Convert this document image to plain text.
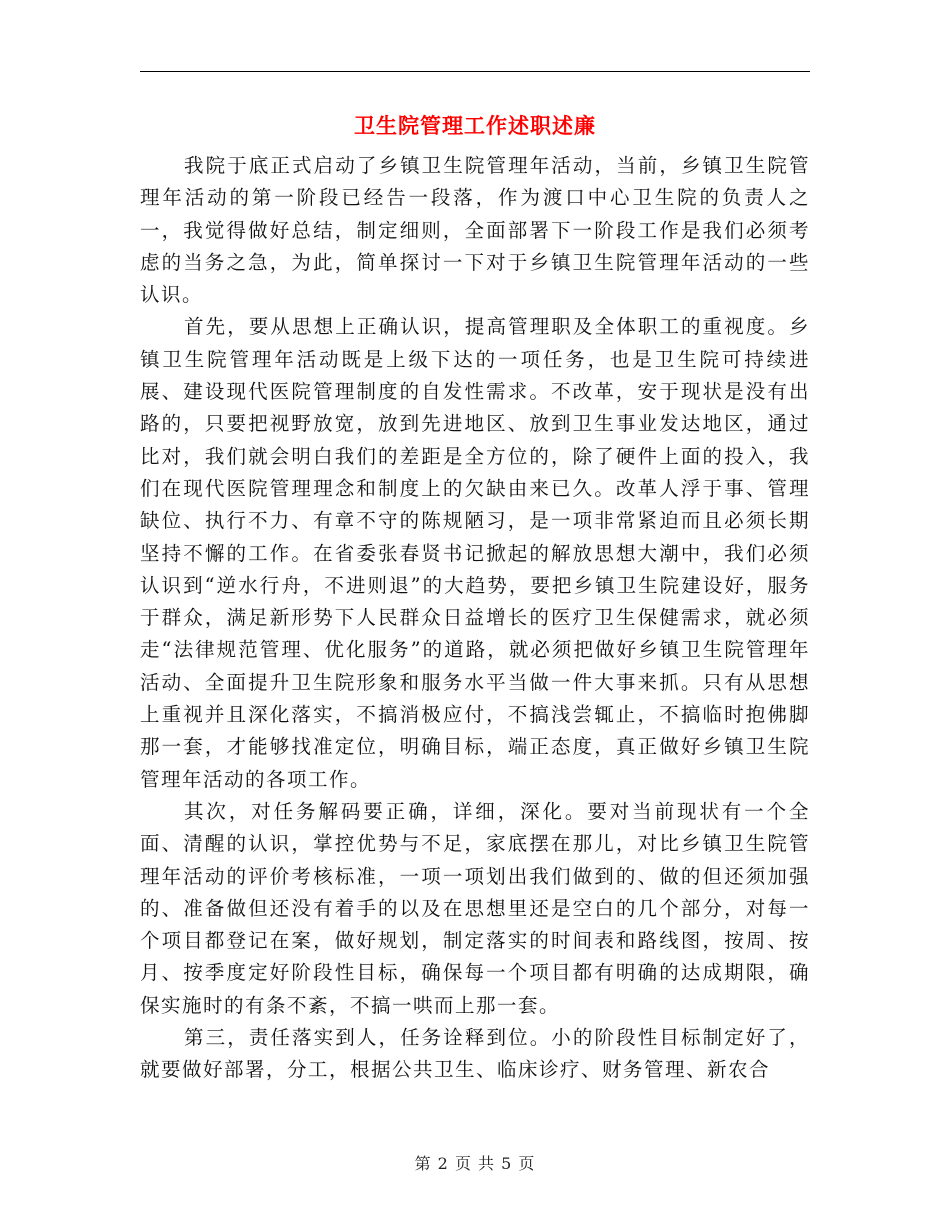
卫生院管理工作述职述廉

我院于底正式启动了乡镇卫生院管理年活动，当前，乡镇卫生院管理年活动的第一阶段已经告一段落，作为渡口中心卫生院的负责人之一，我觉得做好总结，制定细则，全面部署下一阶段工作是我们必须考虑的当务之急，为此，简单探讨一下对于乡镇卫生院管理年活动的一些认识。

首先，要从思想上正确认识，提高管理职及全体职工的重视度。乡镇卫生院管理年活动既是上级下达的一项任务，也是卫生院可持续进展、建设现代医院管理制度的自发性需求。不改革，安于现状是没有出路的，只要把视野放宽，放到先进地区、放到卫生事业发达地区，通过比对，我们就会明白我们的差距是全方位的，除了硬件上面的投入，我们在现代医院管理理念和制度上的欠缺由来已久。改革人浮于事、管理缺位、执行不力、有章不守的陈规陋习，是一项非常紧迫而且必须长期坚持不懈的工作。在省委张春贤书记掀起的解放思想大潮中，我们必须认识到“逆水行舟，不进则退”的大趋势，要把乡镇卫生院建设好，服务于群众，满足新形势下人民群众日益增长的医疗卫生保健需求，就必须走“法律规范管理、优化服务”的道路，就必须把做好乡镇卫生院管理年活动、全面提升卫生院形象和服务水平当做一件大事来抓。只有从思想上重视并且深化落实，不搞消极应付，不搞浅尝辄止，不搞临时抱佛脚那一套，才能够找准定位，明确目标，端正态度，真正做好乡镇卫生院管理年活动的各项工作。

其次，对任务解码要正确，详细，深化。要对当前现状有一个全面、清醒的认识，掌控优势与不足，家底摆在那儿，对比乡镇卫生院管理年活动的评价考核标准，一项一项划出我们做到的、做的但还须加强的、准备做但还没有着手的以及在思想里还是空白的几个部分，对每一个项目都登记在案，做好规划，制定落实的时间表和路线图，按周、按月、按季度定好阶段性目标，确保每一个项目都有明确的达成期限，确保实施时的有条不紊，不搞一哄而上那一套。

第三，责任落实到人，任务诠释到位。小的阶段性目标制定好了，就要做好部署，分工，根据公共卫生、临床诊疗、财务管理、新农合

第 2 页 共 5 页
